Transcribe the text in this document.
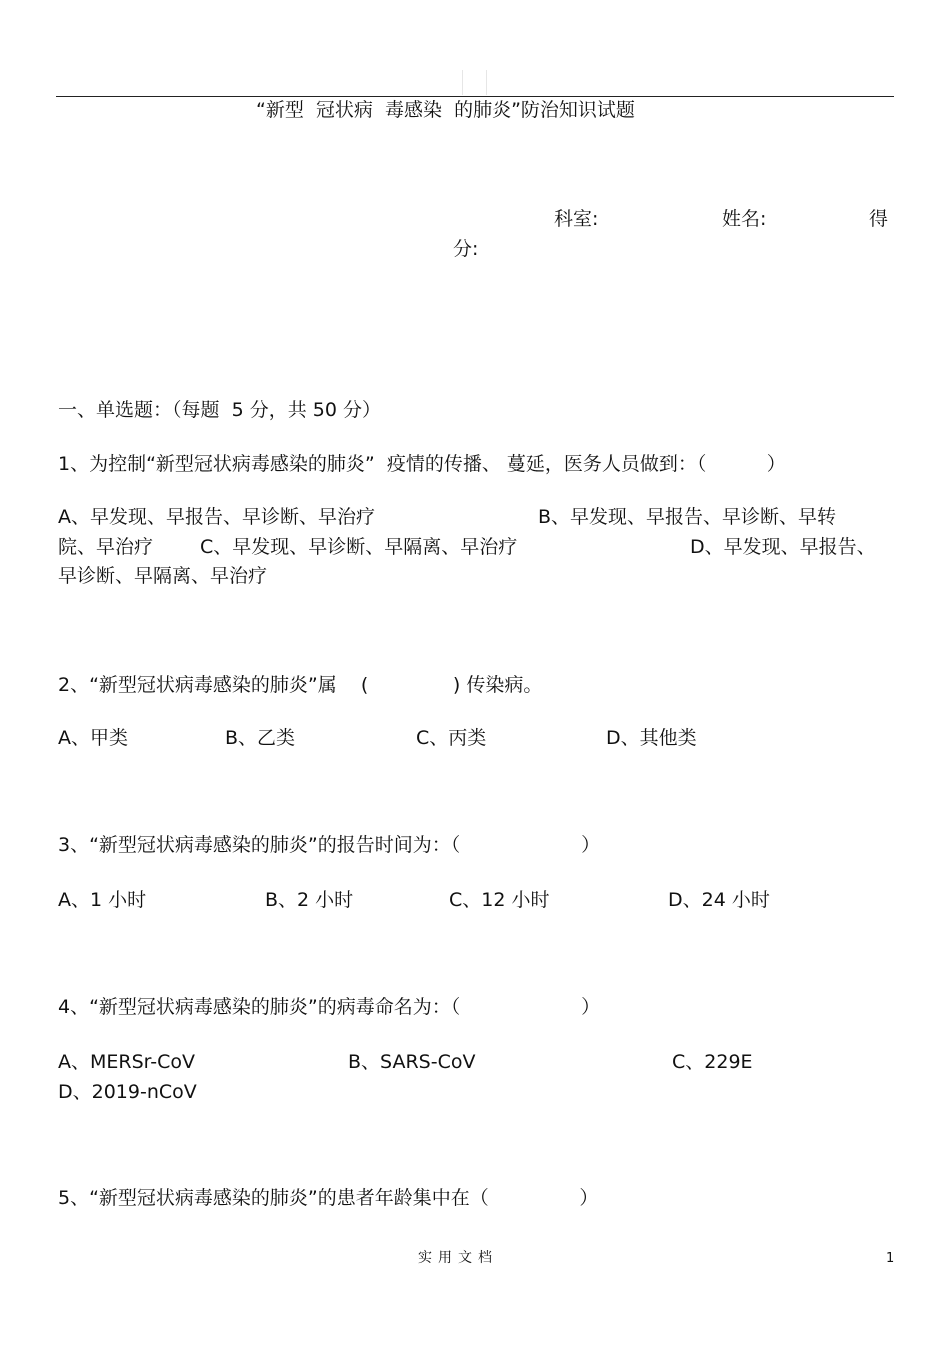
“新型  冠状病  毒感染  的肺炎”防治知识试题
科室:	姓名:	得
分:
一、单选题：（每题  5 分，共 50 分）
1、为控制“新型冠状病毒感染的肺炎”  疫情的传播、 蔓延，医务人员做到：（          ）
A、早发现、早报告、早诊断、早治疗	B、早发现、早报告、早诊断、早转
院、早治疗 C、早发现、早诊断、早隔离、早治疗	D、早发现、早报告、
早诊断、早隔离、早治疗
2、“新型冠状病毒感染的肺炎”属    (              ) 传染病。
A、甲类	B、乙类	C、丙类	D、其他类
3、“新型冠状病毒感染的肺炎”的报告时间为：（                    ）
A、1 小时	B、2 小时	C、12 小时	D、24 小时
4、“新型冠状病毒感染的肺炎”的病毒命名为：（                    ）
A、MERSr-CoV	B、SARS-CoV	C、229E
D、2019-nCoV
5、“新型冠状病毒感染的肺炎”的患者年龄集中在（               ）
实用文档	1
